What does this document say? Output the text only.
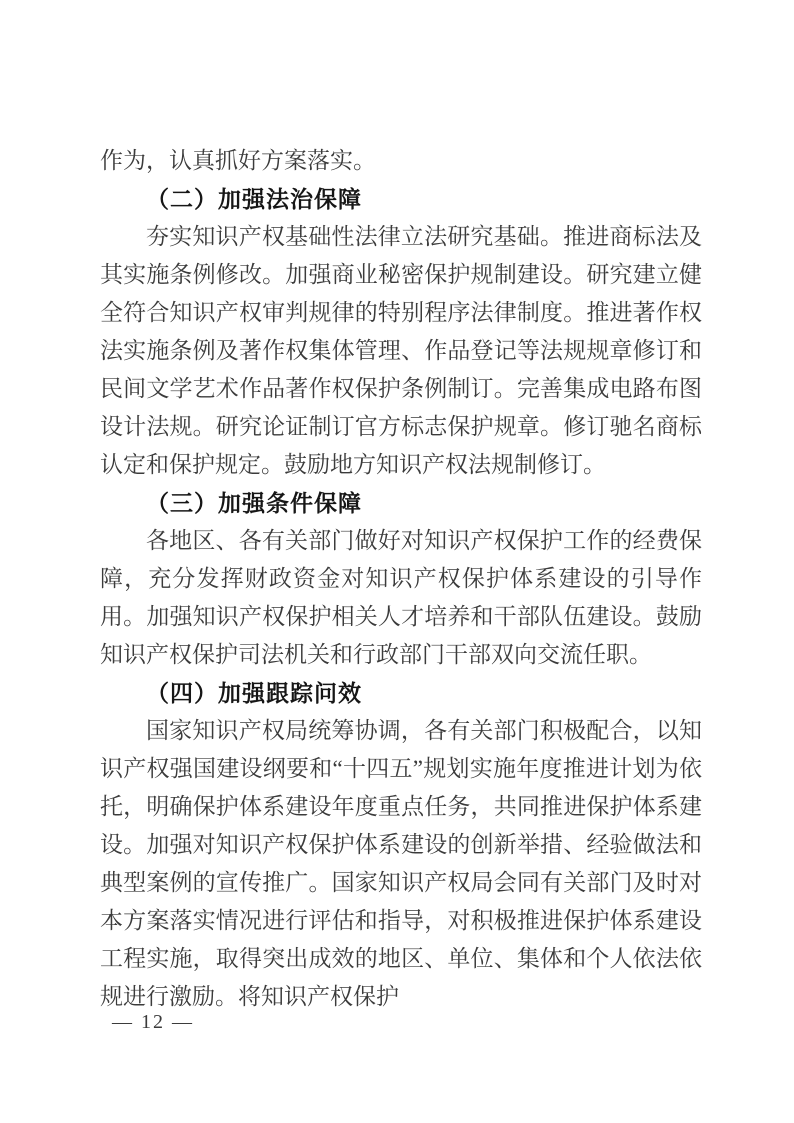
作为，认真抓好方案落实。

（二）加强法治保障

夯实知识产权基础性法律立法研究基础。推进商标法及其实施条例修改。加强商业秘密保护规制建设。研究建立健全符合知识产权审判规律的特别程序法律制度。推进著作权法实施条例及著作权集体管理、作品登记等法规规章修订和民间文学艺术作品著作权保护条例制订。完善集成电路布图设计法规。研究论证制订官方标志保护规章。修订驰名商标认定和保护规定。鼓励地方知识产权法规制修订。

（三）加强条件保障

各地区、各有关部门做好对知识产权保护工作的经费保障，充分发挥财政资金对知识产权保护体系建设的引导作用。加强知识产权保护相关人才培养和干部队伍建设。鼓励知识产权保护司法机关和行政部门干部双向交流任职。

（四）加强跟踪问效

国家知识产权局统筹协调，各有关部门积极配合，以知识产权强国建设纲要和“十四五”规划实施年度推进计划为依托，明确保护体系建设年度重点任务，共同推进保护体系建设。加强对知识产权保护体系建设的创新举措、经验做法和典型案例的宣传推广。国家知识产权局会同有关部门及时对本方案落实情况进行评估和指导，对积极推进保护体系建设工程实施，取得突出成效的地区、单位、集体和个人依法依规进行激励。将知识产权保护

— 12 —
